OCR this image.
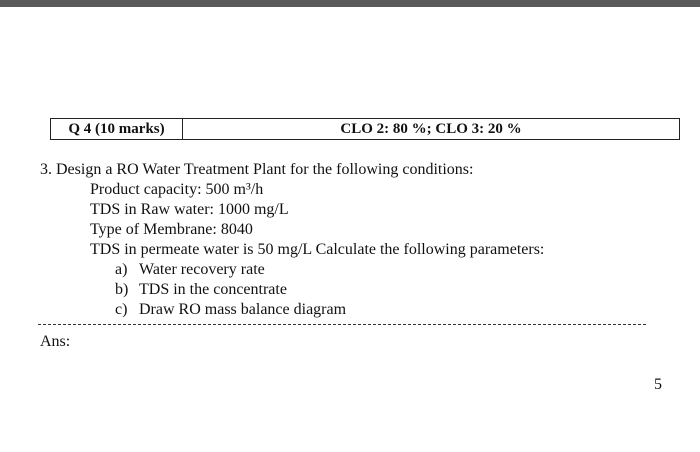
Q 4 (10 marks)	CLO 2: 80 %; CLO 3: 20 %
3. Design a RO Water Treatment Plant for the following conditions:
Product capacity: 500 m³/h
TDS in Raw water: 1000 mg/L
Type of Membrane: 8040
TDS in permeate water is 50 mg/L Calculate the following parameters:
a) Water recovery rate
b) TDS in the concentrate
c) Draw RO mass balance diagram
Ans:
5
